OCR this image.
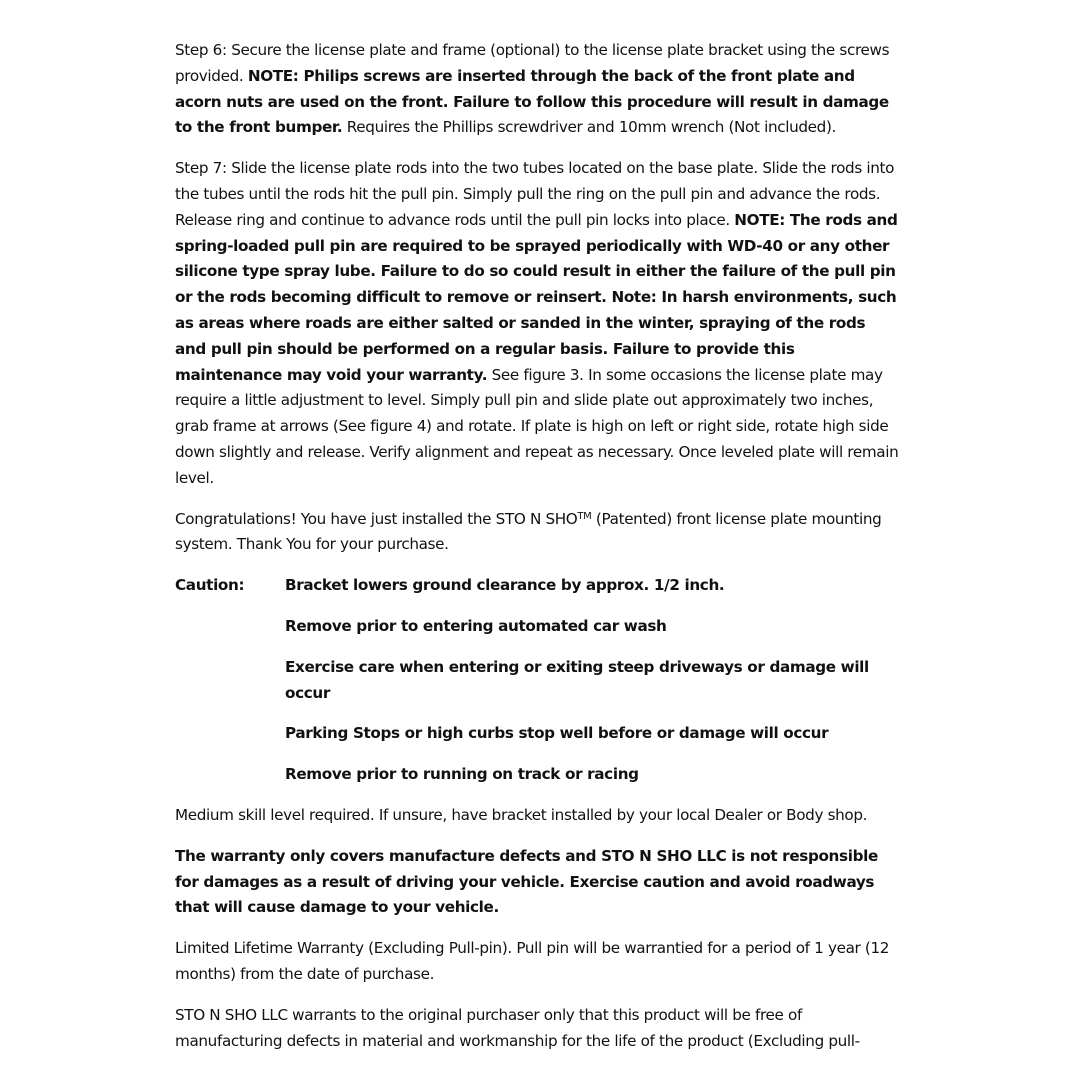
Step 6: Secure the license plate and frame (optional) to the license plate bracket using the screws provided. NOTE: Philips screws are inserted through the back of the front plate and acorn nuts are used on the front. Failure to follow this procedure will result in damage to the front bumper. Requires the Phillips screwdriver and 10mm wrench (Not included).

Step 7: Slide the license plate rods into the two tubes located on the base plate. Slide the rods into the tubes until the rods hit the pull pin. Simply pull the ring on the pull pin and advance the rods. Release ring and continue to advance rods until the pull pin locks into place. NOTE: The rods and spring-loaded pull pin are required to be sprayed periodically with WD-40 or any other silicone type spray lube. Failure to do so could result in either the failure of the pull pin or the rods becoming difficult to remove or reinsert. Note: In harsh environments, such as areas where roads are either salted or sanded in the winter, spraying of the rods and pull pin should be performed on a regular basis. Failure to provide this maintenance may void your warranty. See figure 3. In some occasions the license plate may require a little adjustment to level. Simply pull pin and slide plate out approximately two inches, grab frame at arrows (See figure 4) and rotate. If plate is high on left or right side, rotate high side down slightly and release. Verify alignment and repeat as necessary. Once leveled plate will remain level.

Congratulations! You have just installed the STO N SHO™ (Patented) front license plate mounting system. Thank You for your purchase.

Caution:	Bracket lowers ground clearance by approx. 1/2 inch.
Remove prior to entering automated car wash
Exercise care when entering or exiting steep driveways or damage will occur
Parking Stops or high curbs stop well before or damage will occur
Remove prior to running on track or racing

Medium skill level required. If unsure, have bracket installed by your local Dealer or Body shop.

The warranty only covers manufacture defects and STO N SHO LLC is not responsible for damages as a result of driving your vehicle. Exercise caution and avoid roadways that will cause damage to your vehicle.

Limited Lifetime Warranty (Excluding Pull-pin). Pull pin will be warrantied for a period of 1 year (12 months) from the date of purchase.

STO N SHO LLC warrants to the original purchaser only that this product will be free of manufacturing defects in material and workmanship for the life of the product (Excluding pull-
